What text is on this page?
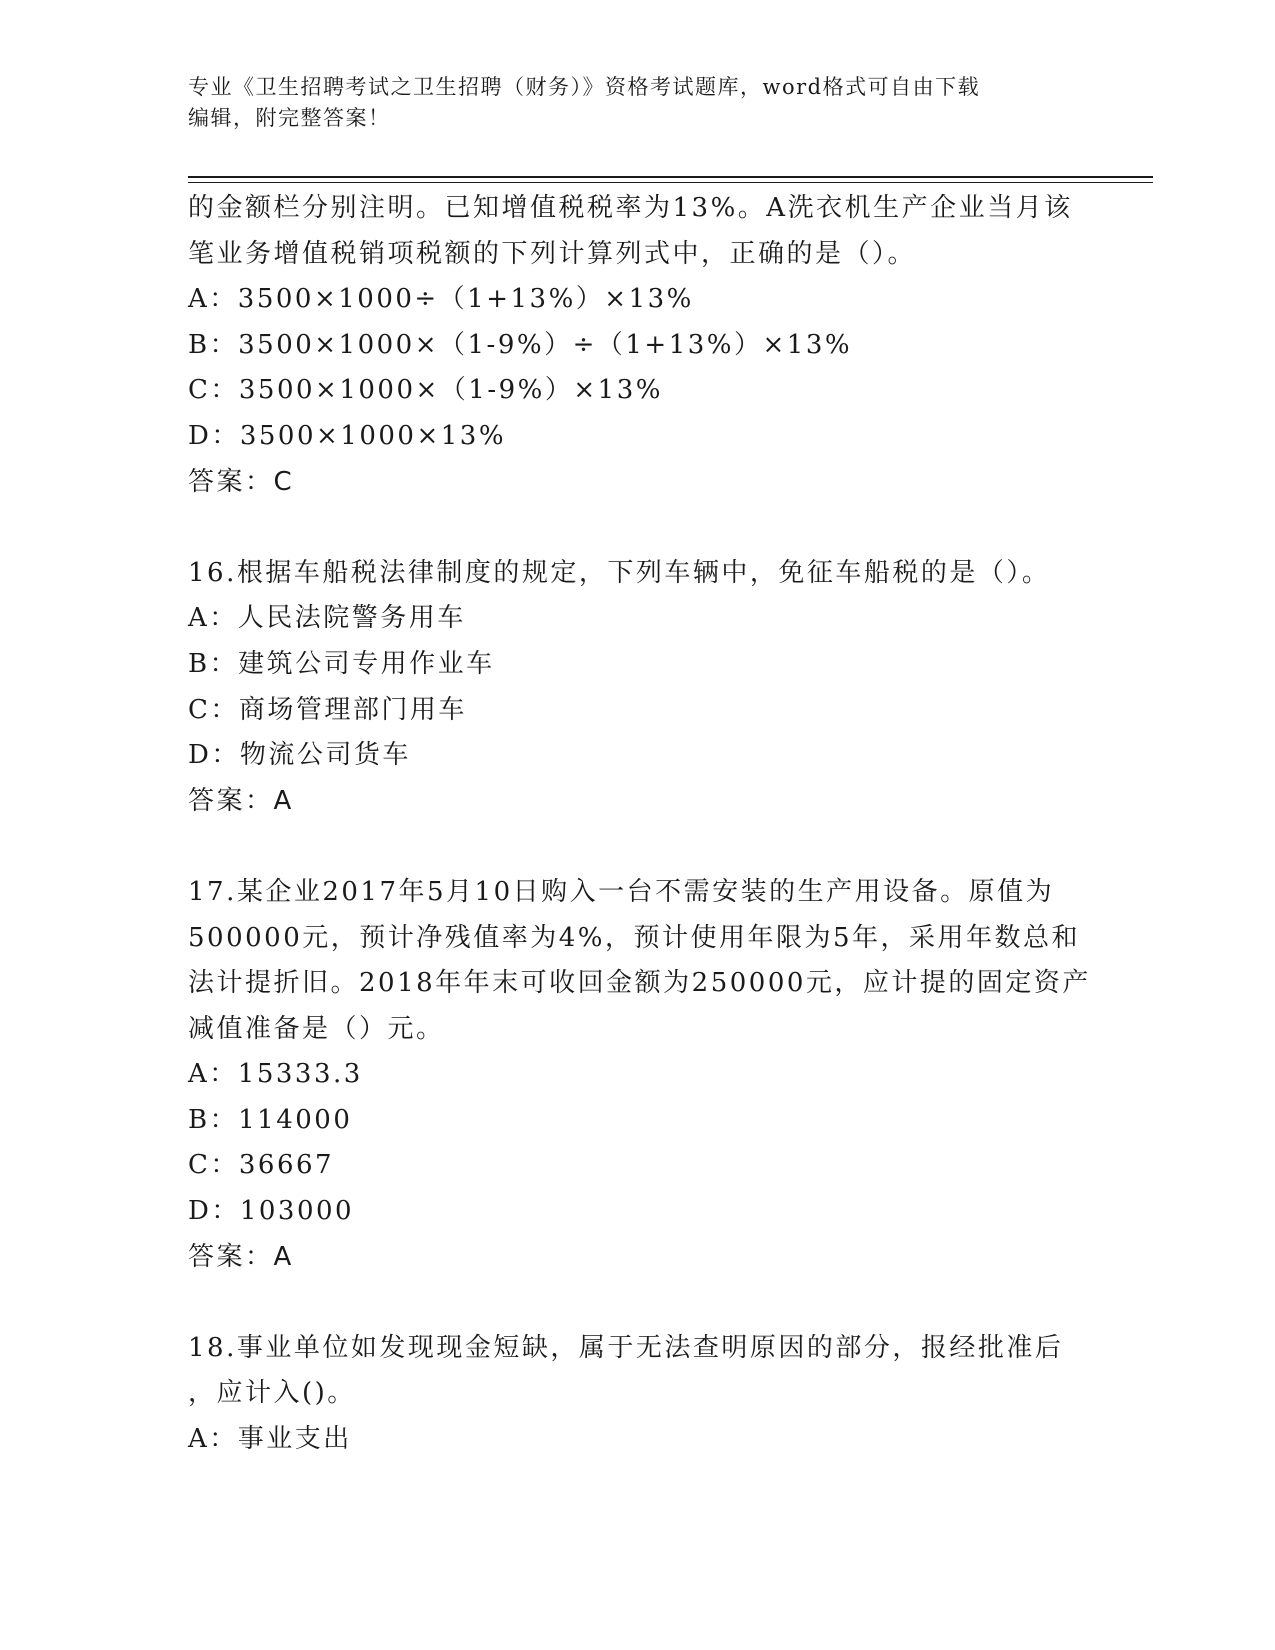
专业《卫生招聘考试之卫生招聘（财务）》资格考试题库，word格式可自由下载
编辑，附完整答案！
的金额栏分别注明。已知增值税税率为13%。A洗衣机生产企业当月该
笔业务增值税销项税额的下列计算列式中，正确的是（）。
A：3500×1000÷（1+13%）×13%
B：3500×1000×（1-9%）÷（1+13%）×13%
C：3500×1000×（1-9%）×13%
D：3500×1000×13%
答案：C
16.根据车船税法律制度的规定，下列车辆中，免征车船税的是（）。
A：人民法院警务用车
B：建筑公司专用作业车
C：商场管理部门用车
D：物流公司货车
答案：A
17.某企业2017年5月10日购入一台不需安装的生产用设备。原值为
500000元，预计净残值率为4%，预计使用年限为5年，采用年数总和
法计提折旧。2018年年末可收回金额为250000元，应计提的固定资产
减值准备是（）元。
A：15333.3
B：114000
C：36667
D：103000
答案：A
18.事业单位如发现现金短缺，属于无法查明原因的部分，报经批准后
，应计入()。
A：事业支出
